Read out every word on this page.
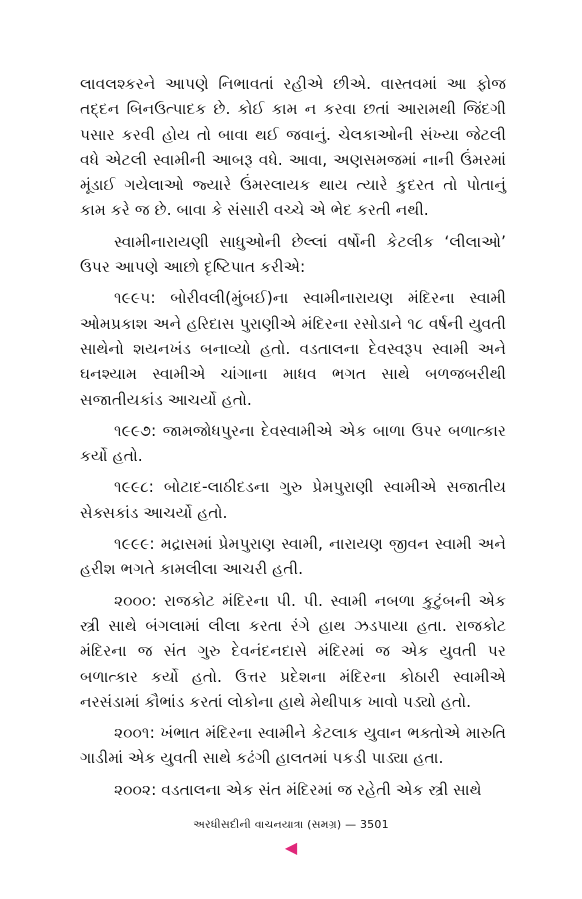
લાવલશ્કરને આપણે નિભાવતાં રહીએ છીએ. વાસ્તવમાં આ ફોજ તદ્દન બિનઉત્પાદક છે. કોઈ કામ ન કરવા છતાં આરામથી જિંદગી પસાર કરવી હોય તો બાવા થઈ જવાનું. ચેલકાઓની સંખ્યા જેટલી વધે એટલી સ્વામીની આબરૂ વધે. આવા, અણસમજમાં નાની ઉંમરમાં મૂંડાઈ ગયેલાઓ જ્યારે ઉંમરલાયક થાય ત્યારે કુદરત તો પોતાનું કામ કરે જ છે. બાવા કે સંસારી વચ્ચે એ ભેદ કરતી નથી.

સ્વામીનારાયણી સાધુઓની છેલ્લાં વર્ષોની કેટલીક ‘લીલાઓ’ ઉપર આપણે આછો દૃષ્ટિપાત કરીએ:

૧૯૯૫: બોરીવલી(મુંબઈ)ના સ્વામીનારાયણ મંદિરના સ્વામી ઓમપ્રકાશ અને હરિદાસ પુરાણીએ મંદિરના રસોડાને ૧૮ વર્ષની યુવતી સાથેનો શયનખંડ બનાવ્યો હતો. વડતાલના દેવસ્વરૂપ સ્વામી અને ઘનશ્યામ સ્વામીએ ચાંગાના માધવ ભગત સાથે બળજબરીથી સજાતીયકાંડ આચર્યો હતો.

૧૯૯૭: જામજોધપુરના દેવસ્વામીએ એક બાળા ઉપર બળાત્કાર કર્યો હતો.

૧૯૯૮: બોટાદ-લાઠીદડના ગુરુ પ્રેમપુરાણી સ્વામીએ સજાતીય સેક્સકાંડ આચર્યો હતો.

૧૯૯૯: મદ્રાસમાં પ્રેમપુરાણ સ્વામી, નારાયણ જીવન સ્વામી અને હરીશ ભગતે કામલીલા આચરી હતી.

૨૦૦૦: રાજકોટ મંદિરના પી. પી. સ્વામી નબળા કુટુંબની એક સ્ત્રી સાથે બંગલામાં લીલા કરતા રંગે હાથ ઝડપાયા હતા. રાજકોટ મંદિરના જ સંત ગુરુ દેવનંદનદાસે મંદિરમાં જ એક યુવતી પર બળાત્કાર કર્યો હતો. ઉત્તર પ્રદેશના મંદિરના કોઠારી સ્વામીએ નરસંડામાં કૌભાંડ કરતાં લોકોના હાથે મેથીપાક ખાવો પડ્યો હતો.

૨૦૦૧: ખંભાત મંદિરના સ્વામીને કેટલાક યુવાન ભક્તોએ મારુતિ ગાડીમાં એક યુવતી સાથે કઢંગી હાલતમાં પકડી પાડ્યા હતા.

૨૦૦૨: વડતાલના એક સંત મંદિરમાં જ રહેતી એક સ્ત્રી સાથે

અરધીસદીની વાચનયાત્રા (સમગ્ર) — 3501
◀
